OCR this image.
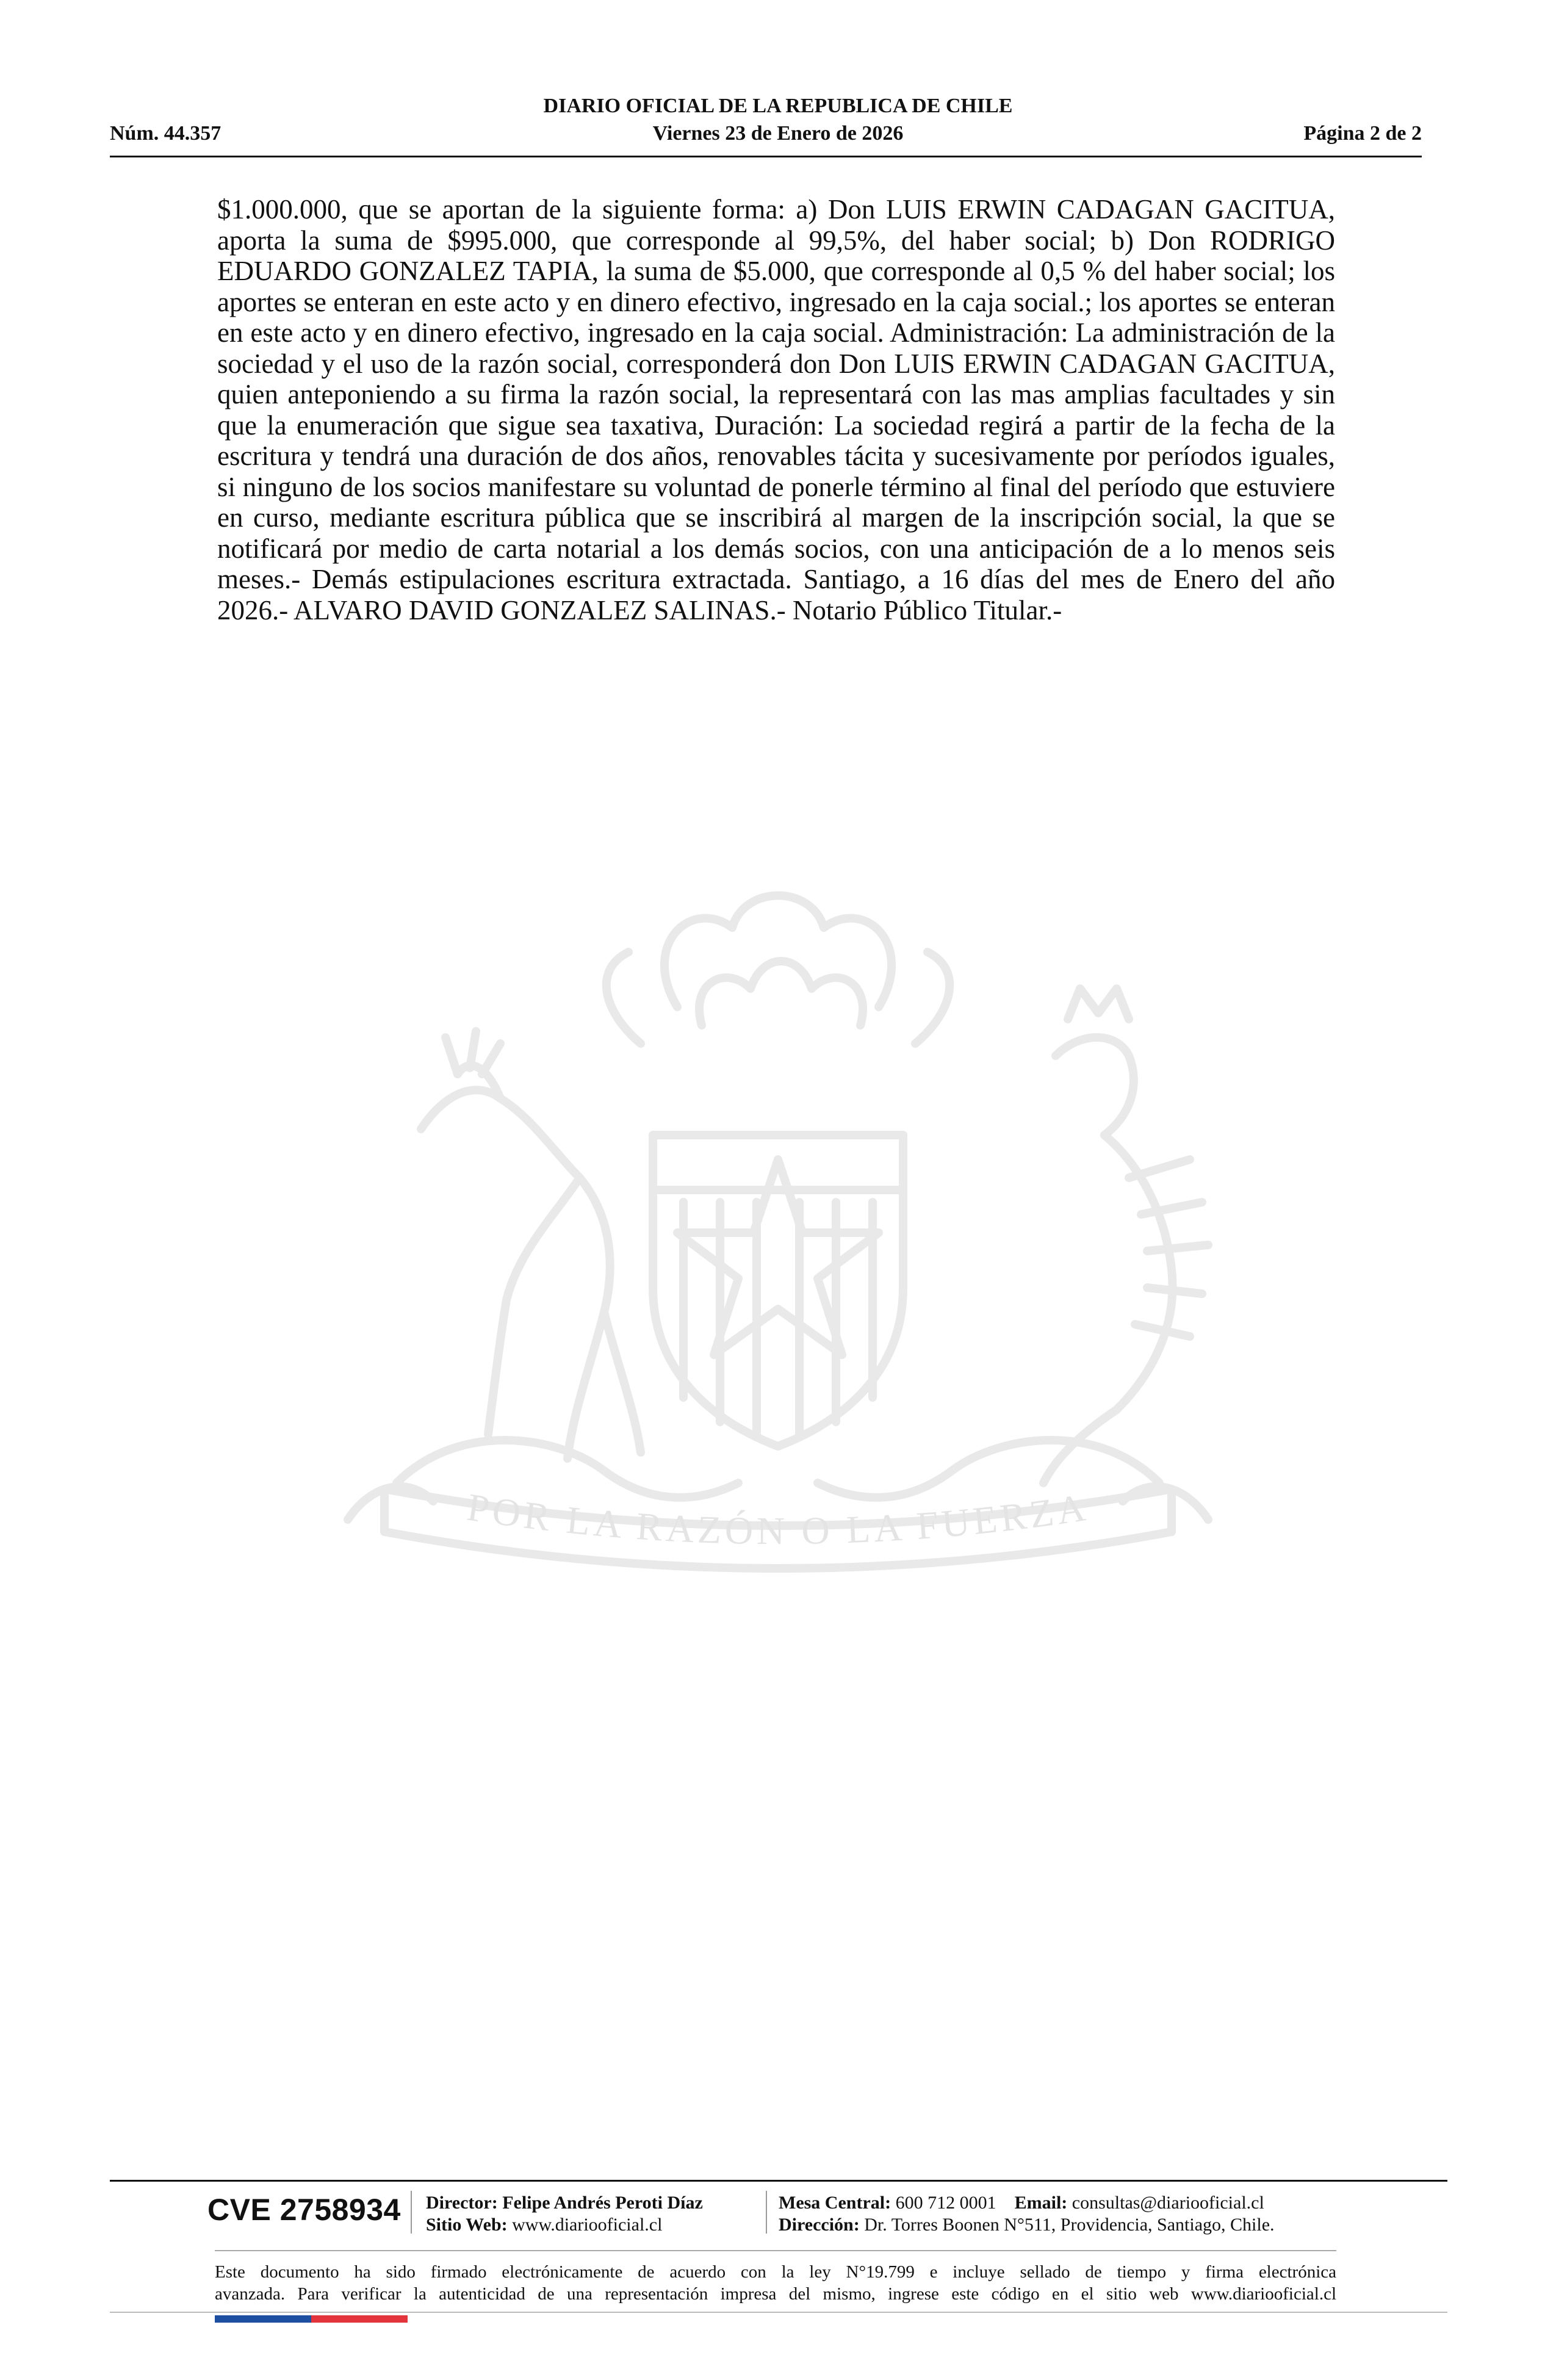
DIARIO OFICIAL DE LA REPUBLICA DE CHILE
Núm. 44.357	Viernes 23 de Enero de 2026	Página 2 de 2
$1.000.000, que se aportan de la siguiente forma: a) Don LUIS ERWIN CADAGAN GACITUA, aporta la suma de $995.000, que corresponde al 99,5%, del haber social; b) Don RODRIGO EDUARDO GONZALEZ TAPIA, la suma de $5.000, que corresponde al 0,5 % del haber social; los aportes se enteran en este acto y en dinero efectivo, ingresado en la caja social.; los aportes se enteran en este acto y en dinero efectivo, ingresado en la caja social. Administración: La administración de la sociedad y el uso de la razón social, corresponderá don Don LUIS ERWIN CADAGAN GACITUA, quien anteponiendo a su firma la razón social, la representará con las mas amplias facultades y sin que la enumeración que sigue sea taxativa, Duración: La sociedad regirá a partir de la fecha de la escritura y tendrá una duración de dos años, renovables tácita y sucesivamente por períodos iguales, si ninguno de los socios manifestare su voluntad de ponerle término al final del período que estuviere en curso, mediante escritura pública que se inscribirá al margen de la inscripción social, la que se notificará por medio de carta notarial a los demás socios, con una anticipación de a lo menos seis meses.- Demás estipulaciones escritura extractada. Santiago, a 16 días del mes de Enero del año 2026.- ALVARO DAVID GONZALEZ SALINAS.- Notario Público Titular.-
POR LA RAZÓN O LA FUERZA
CVE 2758934 Director: Felipe Andrés Peroti Díaz
Sitio Web: www.diariooficial.cl
Mesa Central: 600 712 0001 Email: consultas@diariooficial.cl
Dirección: Dr. Torres Boonen N°511, Providencia, Santiago, Chile.
Este documento ha sido firmado electrónicamente de acuerdo con la ley N°19.799 e incluye sellado de tiempo y firma electrónica
avanzada. Para verificar la autenticidad de una representación impresa del mismo, ingrese este código en el sitio web www.diariooficial.cl
